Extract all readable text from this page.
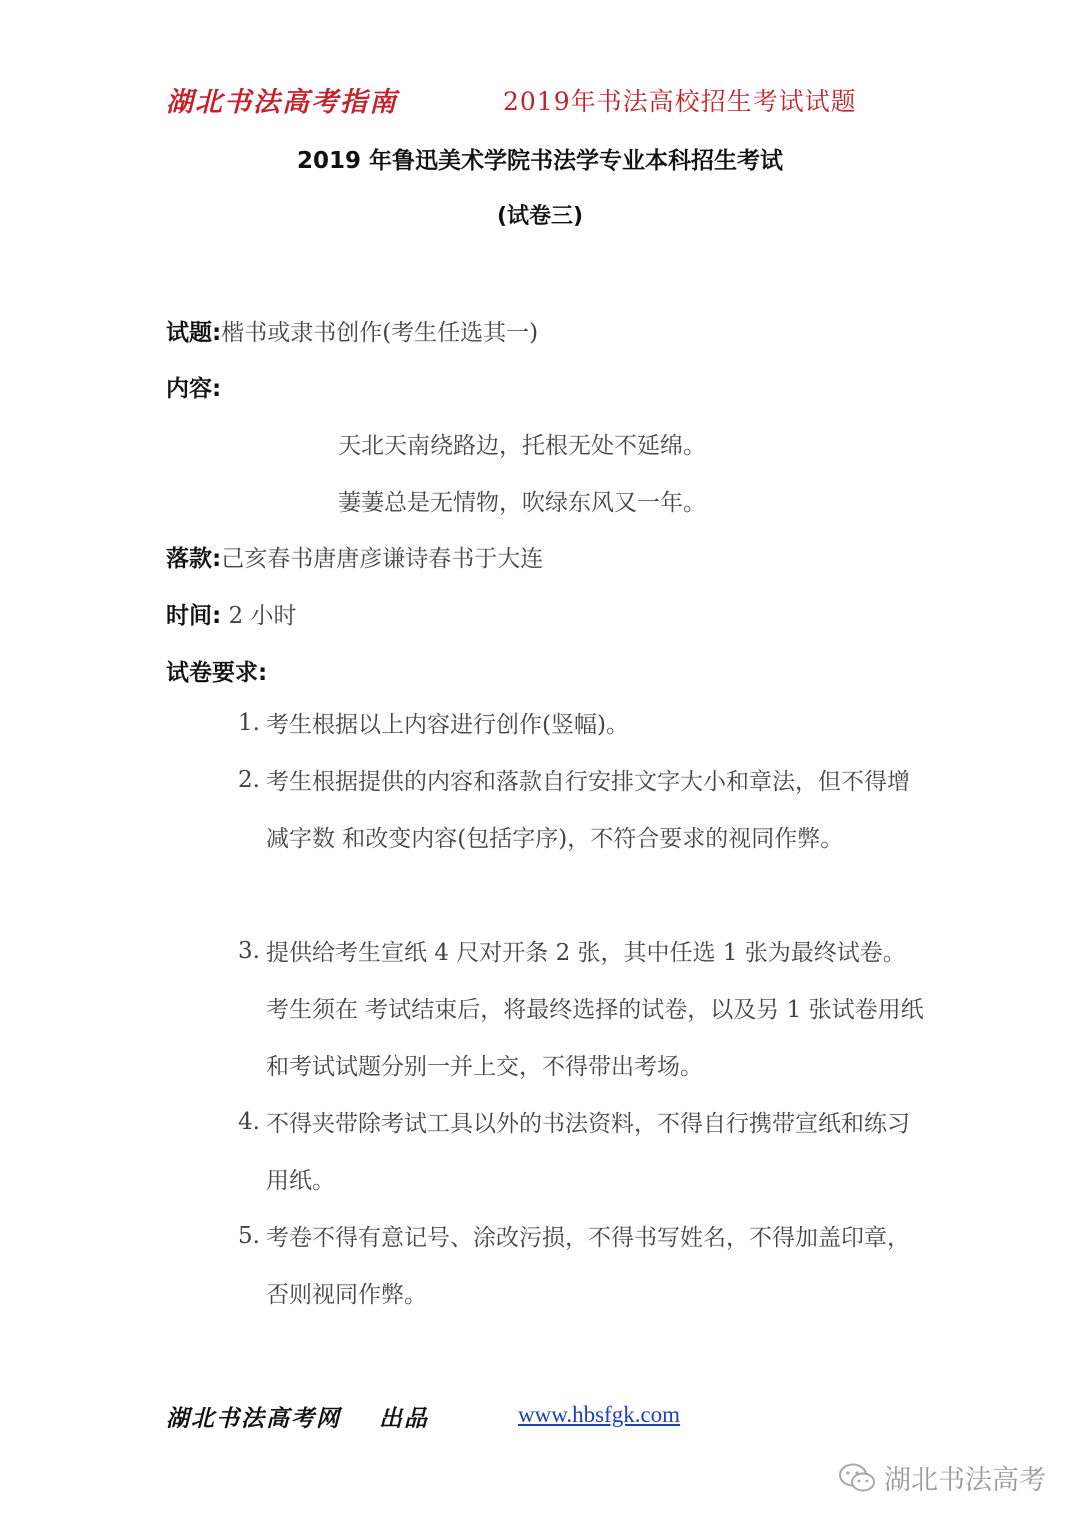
湖北书法高考指南	2019年书法高校招生考试试题
2019 年鲁迅美术学院书法学专业本科招生考试
(试卷三)
试题:楷书或隶书创作(考生任选其一)
内容:
天北天南绕路边，托根无处不延绵。
萋萋总是无情物，吹绿东风又一年。
落款:己亥春书唐唐彦谦诗春书于大连
时间: 2 小时
试卷要求:
1. 考生根据以上内容进行创作(竖幅)。
2. 考生根据提供的内容和落款自行安排文字大小和章法，但不得增减字数 和改变内容(包括字序)，不符合要求的视同作弊。
3. 提供给考生宣纸 4 尺对开条 2 张，其中任选 1 张为最终试卷。考生须在 考试结束后，将最终选择的试卷，以及另 1 张试卷用纸和考试试题分别一并上交，不得带出考场。
4. 不得夹带除考试工具以外的书法资料，不得自行携带宣纸和练习用纸。
5. 考卷不得有意记号、涂改污损，不得书写姓名，不得加盖印章，否则视同作弊。
湖北书法高考网 出品	www.hbsfgk.com
湖北书法高考
